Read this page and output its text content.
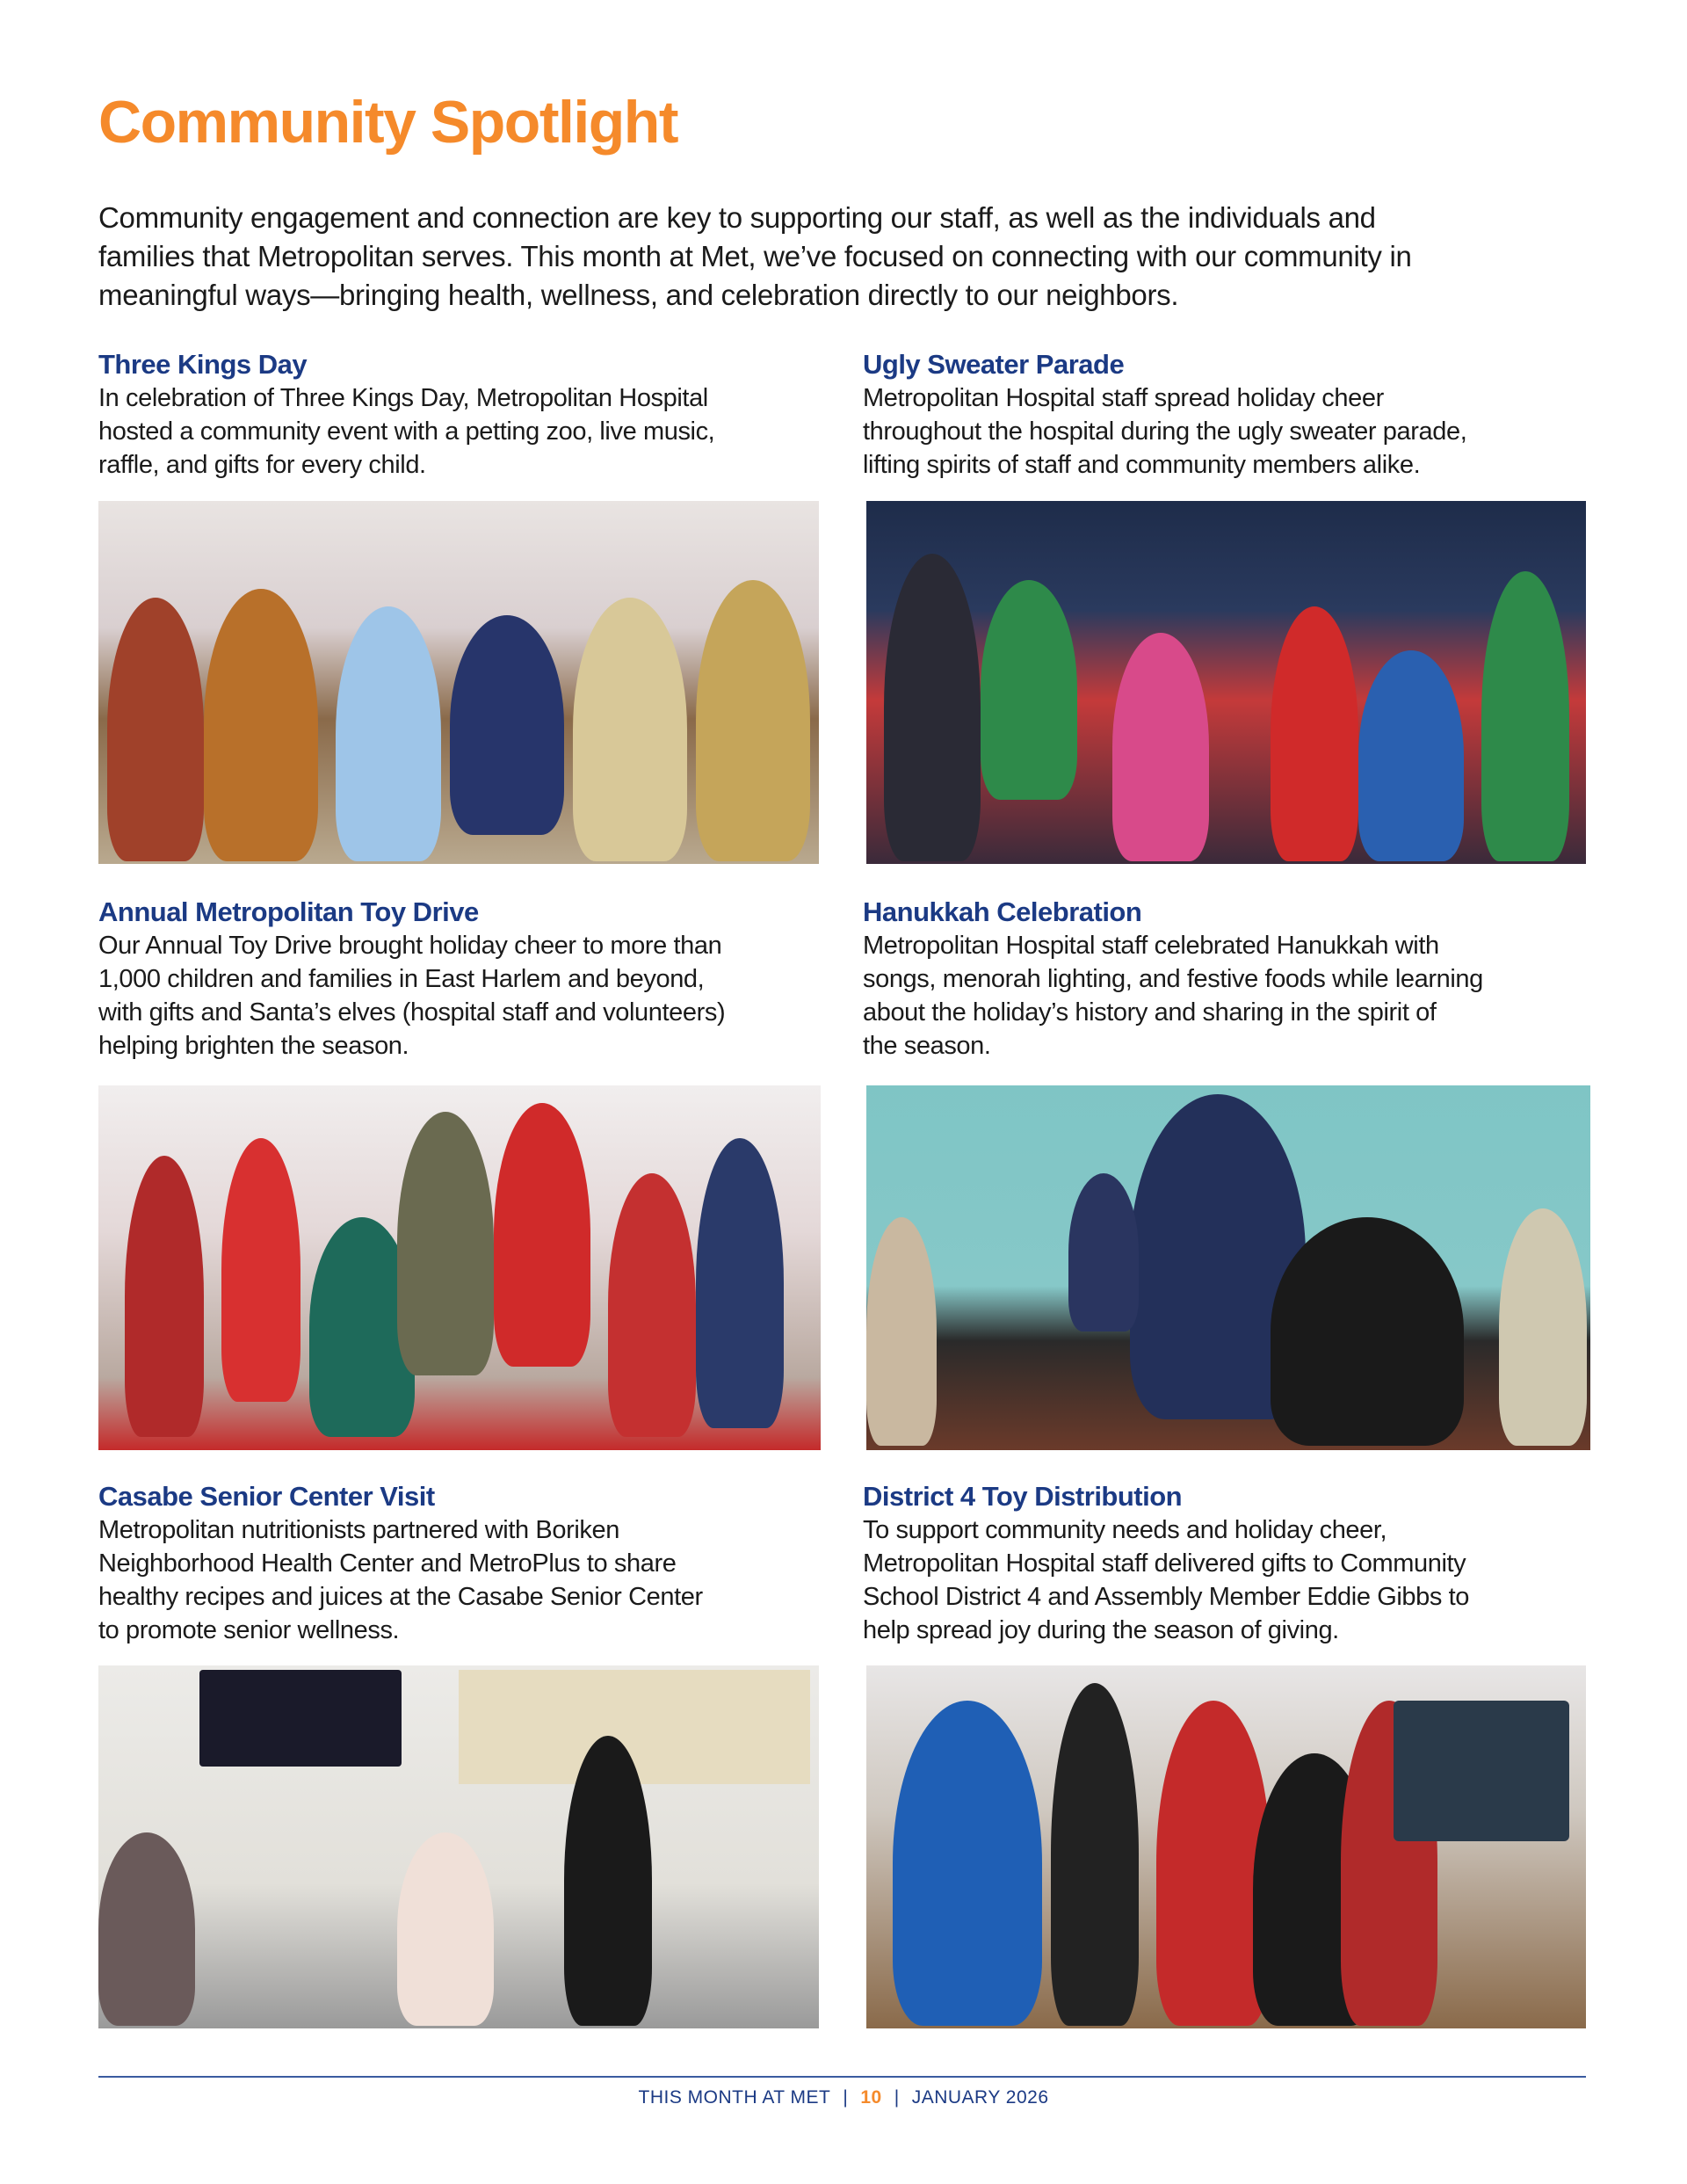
Community Spotlight
Community engagement and connection are key to supporting our staff, as well as the individuals and
families that Metropolitan serves. This month at Met, we’ve focused on connecting with our community in
meaningful ways—bringing health, wellness, and celebration directly to our neighbors.
Three Kings Day
In celebration of Three Kings Day, Metropolitan Hospital
hosted a community event with a petting zoo, live music,
raffle, and gifts for every child.
Ugly Sweater Parade
Metropolitan Hospital staff spread holiday cheer
throughout the hospital during the ugly sweater parade,
lifting spirits of staff and community members alike.
Annual Metropolitan Toy Drive
Our Annual Toy Drive brought holiday cheer to more than
1,000 children and families in East Harlem and beyond,
with gifts and Santa’s elves (hospital staff and volunteers)
helping brighten the season.
Hanukkah Celebration
Metropolitan Hospital staff celebrated Hanukkah with
songs, menorah lighting, and festive foods while learning
about the holiday’s history and sharing in the spirit of
the season.
Casabe Senior Center Visit
Metropolitan nutritionists partnered with Boriken
Neighborhood Health Center and MetroPlus to share
healthy recipes and juices at the Casabe Senior Center
to promote senior wellness.
District 4 Toy Distribution
To support community needs and holiday cheer,
Metropolitan Hospital staff delivered gifts to Community
School District 4 and Assembly Member Eddie Gibbs to
help spread joy during the season of giving.
THIS MONTH AT MET | 10 | JANUARY 2026
